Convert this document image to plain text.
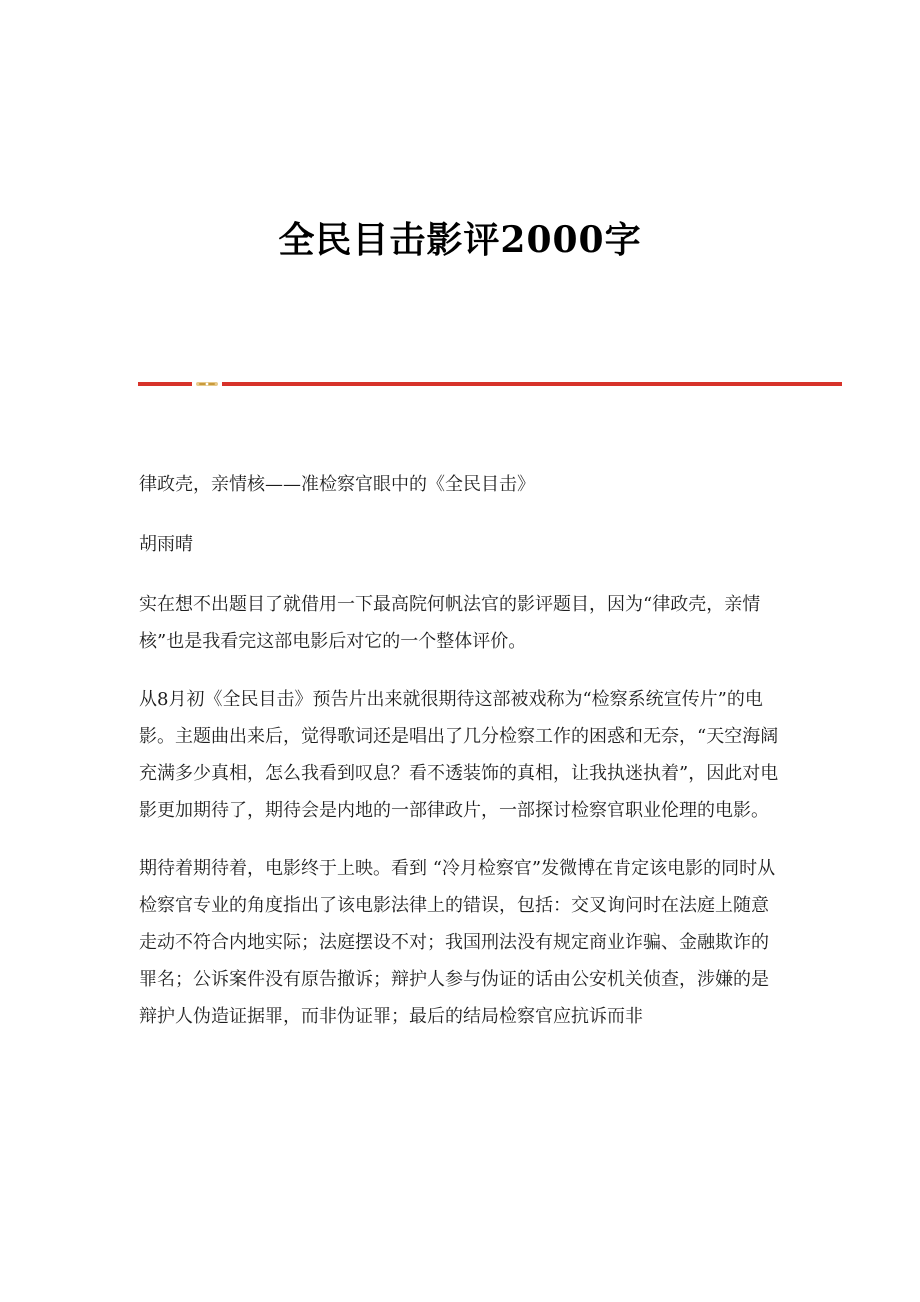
全民目击影评2000字

律政壳，亲情核——准检察官眼中的《全民目击》

胡雨晴

实在想不出题目了就借用一下最高院何帆法官的影评题目，因为“律政壳，亲情核”也是我看完这部电影后对它的一个整体评价。

从8月初《全民目击》预告片出来就很期待这部被戏称为“检察系统宣传片”的电影。主题曲出来后，觉得歌词还是唱出了几分检察工作的困惑和无奈，“天空海阔充满多少真相，怎么我看到叹息？看不透装饰的真相，让我执迷执着”，因此对电影更加期待了，期待会是内地的一部律政片，一部探讨检察官职业伦理的电影。

期待着期待着，电影终于上映。看到 “冷月检察官”发微博在肯定该电影的同时从检察官专业的角度指出了该电影法律上的错误，包括：交叉询问时在法庭上随意走动不符合内地实际；法庭摆设不对；我国刑法没有规定商业诈骗、金融欺诈的罪名；公诉案件没有原告撤诉；辩护人参与伪证的话由公安机关侦查，涉嫌的是辩护人伪造证据罪，而非伪证罪；最后的结局检察官应抗诉而非
